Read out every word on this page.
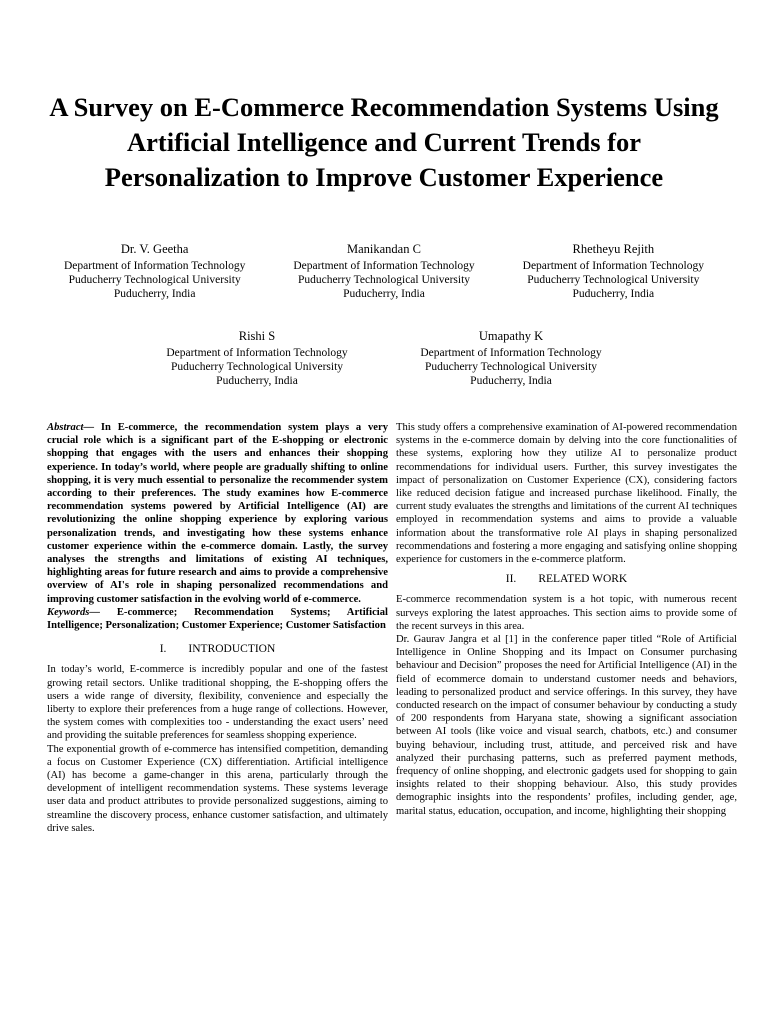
A Survey on E-Commerce Recommendation Systems Using Artificial Intelligence and Current Trends for Personalization to Improve Customer Experience
Dr. V. Geetha
Department of Information Technology
Puducherry Technological University
Puducherry, India
Manikandan C
Department of Information Technology
Puducherry Technological University
Puducherry, India
Rhetheyu Rejith
Department of Information Technology
Puducherry Technological University
Puducherry, India
Rishi S
Department of Information Technology
Puducherry Technological University
Puducherry, India
Umapathy K
Department of Information Technology
Puducherry Technological University
Puducherry, India

Abstract— In E-commerce, the recommendation system plays a very crucial role which is a significant part of the E-shopping or electronic shopping that engages with the users and enhances their shopping experience. In today’s world, where people are gradually shifting to online shopping, it is very much essential to personalize the recommender system according to their preferences. The study examines how E-commerce recommendation systems powered by Artificial Intelligence (AI) are revolutionizing the online shopping experience by exploring various personalization trends, and investigating how these systems enhance customer experience within the e-commerce domain. Lastly, the survey analyses the strengths and limitations of existing AI techniques, highlighting areas for future research and aims to provide a comprehensive overview of AI's role in shaping personalized recommendations and improving customer satisfaction in the evolving world of e-commerce.

Keywords— E-commerce; Recommendation Systems; Artificial Intelligence; Personalization; Customer Experience; Customer Satisfaction

I. INTRODUCTION

In today’s world, E-commerce is incredibly popular and one of the fastest growing retail sectors. Unlike traditional shopping, the E-shopping offers the users a wide range of diversity, flexibility, convenience and especially the liberty to explore their preferences from a huge range of collections. However, the system comes with complexities too - understanding the exact users’ need and providing the suitable preferences for seamless shopping experience.

The exponential growth of e-commerce has intensified competition, demanding a focus on Customer Experience (CX) differentiation. Artificial intelligence (AI) has become a game-changer in this arena, particularly through the development of intelligent recommendation systems. These systems leverage user data and product attributes to provide personalized suggestions, aiming to streamline the discovery process, enhance customer satisfaction, and ultimately drive sales.

This study offers a comprehensive examination of AI-powered recommendation systems in the e-commerce domain by delving into the core functionalities of these systems, exploring how they utilize AI to personalize product recommendations for individual users. Further, this survey investigates the impact of personalization on Customer Experience (CX), considering factors like reduced decision fatigue and increased purchase likelihood. Finally, the current study evaluates the strengths and limitations of the current AI techniques employed in recommendation systems and aims to provide a valuable information about the transformative role AI plays in shaping personalized recommendations and fostering a more engaging and satisfying online shopping experience for customers in the e-commerce platform.

II. RELATED WORK

E-commerce recommendation system is a hot topic, with numerous recent surveys exploring the latest approaches. This section aims to provide some of the recent surveys in this area.

Dr. Gaurav Jangra et al [1] in the conference paper titled “Role of Artificial Intelligence in Online Shopping and its Impact on Consumer purchasing behaviour and Decision” proposes the need for Artificial Intelligence (AI) in the field of ecommerce domain to understand customer needs and behaviors, leading to personalized product and service offerings. In this survey, they have conducted research on the impact of consumer behaviour by conducting a study of 200 respondents from Haryana state, showing a significant association between AI tools (like voice and visual search, chatbots, etc.) and consumer buying behaviour, including trust, attitude, and perceived risk and have analyzed their purchasing patterns, such as preferred payment methods, frequency of online shopping, and electronic gadgets used for shopping to gain insights related to their shopping behaviour. Also, this study provides demographic insights into the respondents’ profiles, including gender, age, marital status, education, occupation, and income, highlighting their shopping
